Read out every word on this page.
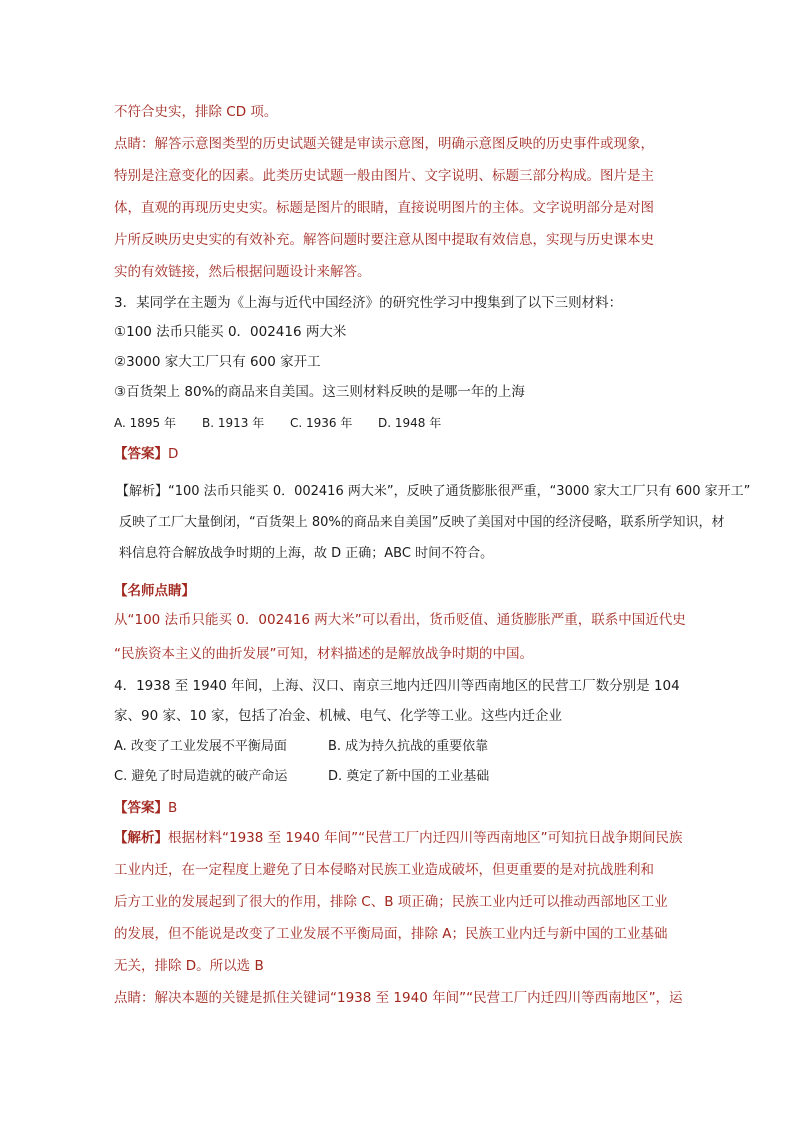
不符合史实，排除 CD 项。
点睛：解答示意图类型的历史试题关键是审读示意图，明确示意图反映的历史事件或现象，
特别是注意变化的因素。此类历史试题一般由图片、文字说明、标题三部分构成。图片是主
体，直观的再现历史史实。标题是图片的眼睛，直接说明图片的主体。文字说明部分是对图
片所反映历史史实的有效补充。解答问题时要注意从图中提取有效信息，实现与历史课本史
实的有效链接，然后根据问题设计来解答。
3．某同学在主题为《上海与近代中国经济》的研究性学习中搜集到了以下三则材料：
①100 法币只能买 0．002416 两大米
②3000 家大工厂只有 600 家开工
③百货架上 80%的商品来自美国。这三则材料反映的是哪一年的上海
A. 1895 年 B. 1913 年 C. 1936 年 D. 1948 年
【答案】D
【解析】“100 法币只能买 0．002416 两大米”，反映了通货膨胀很严重，“3000 家大工厂只有 600 家开工”
反映了工厂大量倒闭，“百货架上 80%的商品来自美国”反映了美国对中国的经济侵略，联系所学知识，材
料信息符合解放战争时期的上海，故 D 正确；ABC 时间不符合。
【名师点睛】
从“100 法币只能买 0．002416 两大米”可以看出，货币贬值、通货膨胀严重，联系中国近代史
“民族资本主义的曲折发展”可知，材料描述的是解放战争时期的中国。
4．1938 至 1940 年间，上海、汉口、南京三地内迁四川等西南地区的民营工厂数分别是 104
家、90 家、10 家，包括了冶金、机械、电气、化学等工业。这些内迁企业
A. 改变了工业发展不平衡局面	B. 成为持久抗战的重要依靠
C. 避免了时局造就的破产命运	D. 奠定了新中国的工业基础
【答案】B
【解析】根据材料“1938 至 1940 年间”“民营工厂内迁四川等西南地区”可知抗日战争期间民族
工业内迁，在一定程度上避免了日本侵略对民族工业造成破坏，但更重要的是对抗战胜利和
后方工业的发展起到了很大的作用，排除 C、B 项正确；民族工业内迁可以推动西部地区工业
的发展，但不能说是改变了工业发展不平衡局面，排除 A；民族工业内迁与新中国的工业基础
无关，排除 D。所以选 B
点睛：解决本题的关键是抓住关键词“1938 至 1940 年间”“民营工厂内迁四川等西南地区”，运
